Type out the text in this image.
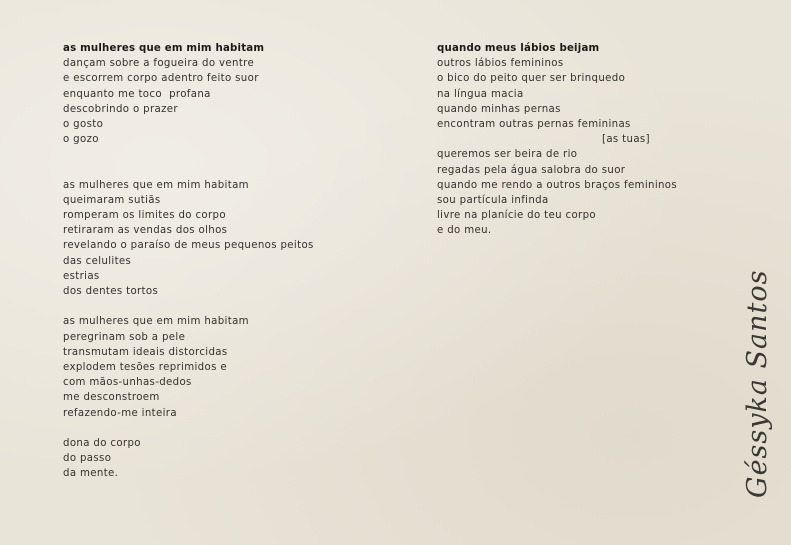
as mulheres que em mim habitam
dançam sobre a fogueira do ventre
e escorrem corpo adentro feito suor
enquanto me toco  profana
descobrindo o prazer
o gosto
o gozo
as mulheres que em mim habitam
queimaram sutiãs
romperam os limites do corpo
retiraram as vendas dos olhos
revelando o paraíso de meus pequenos peitos
das celulites
estrias
dos dentes tortos
as mulheres que em mim habitam
peregrinam sob a pele
transmutam ideais distorcidas
explodem tesões reprimidos e
com mãos-unhas-dedos
me desconstroem
refazendo-me inteira
dona do corpo
do passo
da mente.
quando meus lábios beijam
outros lábios femininos
o bico do peito quer ser brinquedo
na língua macia
quando minhas pernas
encontram outras pernas femininas
[as tuas]
queremos ser beira de rio
regadas pela água salobra do suor
quando me rendo a outros braços femininos
sou partícula infinda
livre na planície do teu corpo
e do meu.
Géssyka Santos
